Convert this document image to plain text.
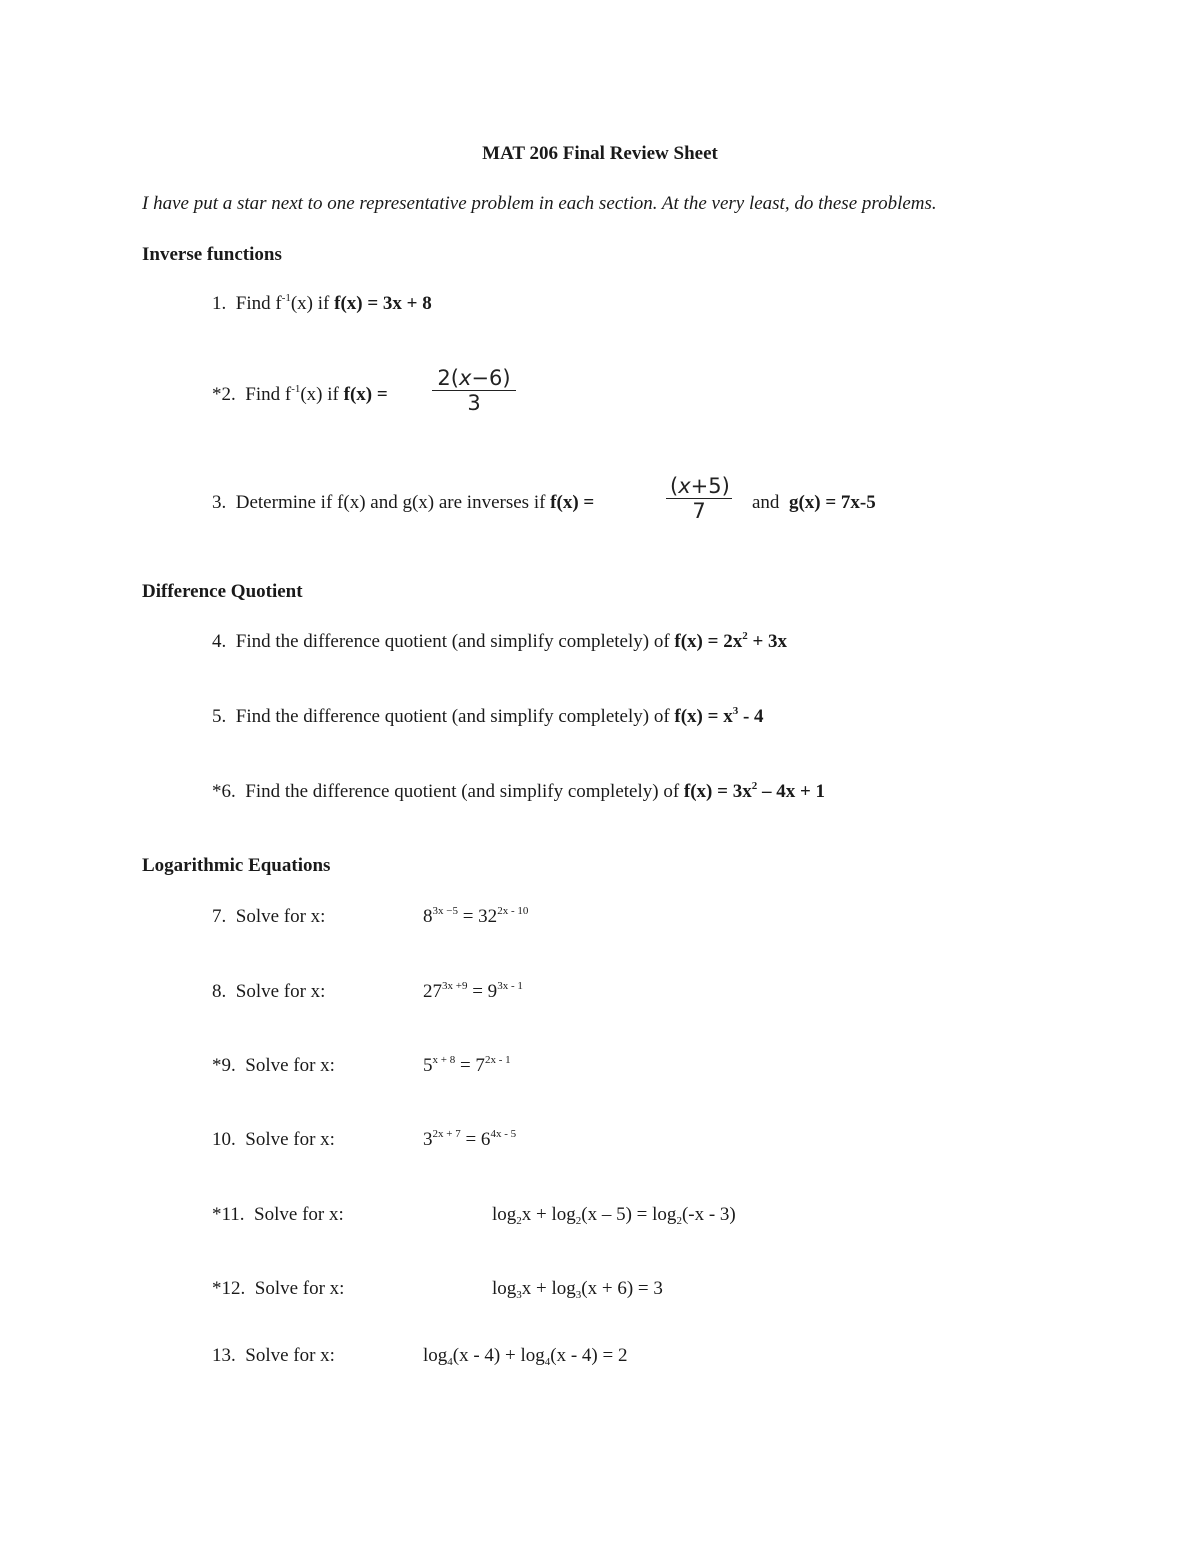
MAT 206 Final Review Sheet
I have put a star next to one representative problem in each section. At the very least, do these problems.
Inverse functions
1. Find $f^{-1}(x)$ if f(x) = 3x + 8
*2. Find $f^{-1}(x)$ if f(x) =
2(x−6)
3
3. Determine if f(x) and g(x) are inverses if f(x) =
(x+5)
7	and g(x) = 7x-5
Difference Quotient
4. Find the difference quotient (and simplify completely) of $f(x) = 2x^2 + 3x$
5. Find the difference quotient (and simplify completely) of $f(x) = x^3 - 4$
*6. Find the difference quotient (and simplify completely) of $f(x) = 3x^2 - 4x + 1$
Logarithmic Equations
7. Solve for x:	$8^{3x -5} = 32^{2x - 10}$
8. Solve for x:	$27^{3x +9} = 9^{3x - 1}$
*9. Solve for x:	$5^{x + 8} = 7^{2x - 1}$
10. Solve for x:	$3^{2x + 7} = 6^{4x - 5}$
*11. Solve for x:	$\log_2x + \log_2(x - 5) = \log_2(-x - 3)$
*12. Solve for x:	$\log_3x + \log_3(x + 6) = 3$
13. Solve for x:	$\log_4(x - 4) + \log_4(x - 4) = 2$
